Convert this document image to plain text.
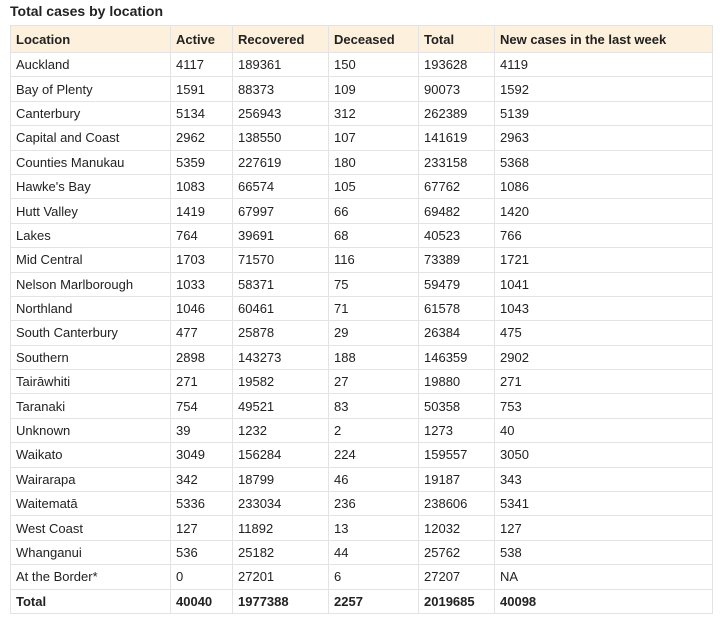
Total cases by location
Location	Active	Recovered	Deceased	Total	New cases in the last week
Auckland	4117	189361	150	193628	4119
Bay of Plenty	1591	88373	109	90073	1592
Canterbury	5134	256943	312	262389	5139
Capital and Coast	2962	138550	107	141619	2963
Counties Manukau	5359	227619	180	233158	5368
Hawke's Bay	1083	66574	105	67762	1086
Hutt Valley	1419	67997	66	69482	1420
Lakes	764	39691	68	40523	766
Mid Central	1703	71570	116	73389	1721
Nelson Marlborough	1033	58371	75	59479	1041
Northland	1046	60461	71	61578	1043
South Canterbury	477	25878	29	26384	475
Southern	2898	143273	188	146359	2902
Tairāwhiti	271	19582	27	19880	271
Taranaki	754	49521	83	50358	753
Unknown	39	1232	2	1273	40
Waikato	3049	156284	224	159557	3050
Wairarapa	342	18799	46	19187	343
Waitematā	5336	233034	236	238606	5341
West Coast	127	11892	13	12032	127
Whanganui	536	25182	44	25762	538
At the Border*	0	27201	6	27207	NA
Total	40040	1977388	2257	2019685	40098
